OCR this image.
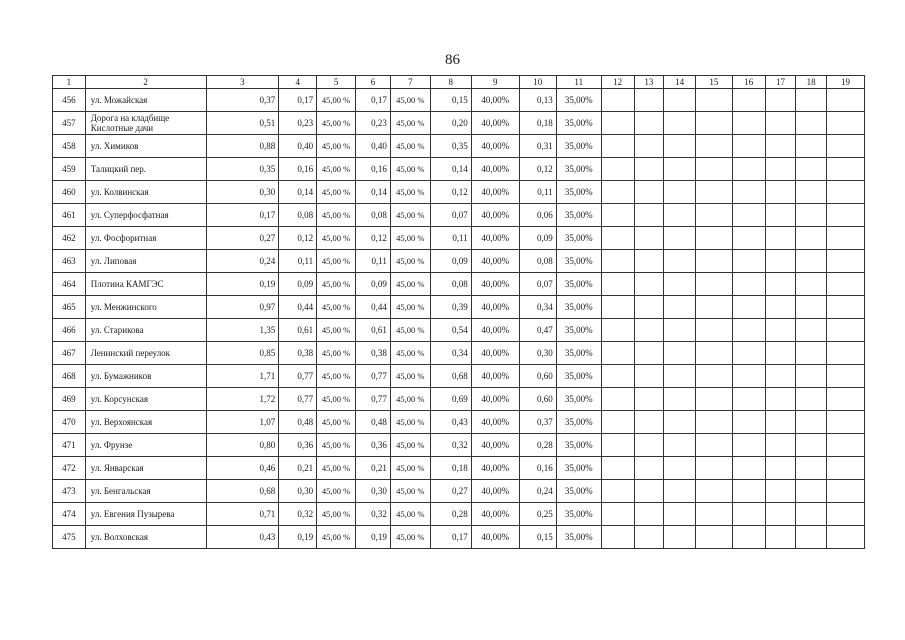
86
1	2	3	4	5	6	7	8	9	10	11	12	13	14	15	16	17	18	19
456	ул. Можайская	0,37	0,17	45,00 %	0,17	45,00 %	0,15	40,00%	0,13	35,00%								
457	Дорога на кладбище Кислотные дачи	0,51	0,23	45,00 %	0,23	45,00 %	0,20	40,00%	0,18	35,00%								
458	ул. Химиков	0,88	0,40	45,00 %	0,40	45,00 %	0,35	40,00%	0,31	35,00%								
459	Талицкий пер.	0,35	0,16	45,00 %	0,16	45,00 %	0,14	40,00%	0,12	35,00%								
460	ул. Колвинская	0,30	0,14	45,00 %	0,14	45,00 %	0,12	40,00%	0,11	35,00%								
461	ул. Суперфосфатная	0,17	0,08	45,00 %	0,08	45,00 %	0,07	40,00%	0,06	35,00%								
462	ул. Фосфоритная	0,27	0,12	45,00 %	0,12	45,00 %	0,11	40,00%	0,09	35,00%								
463	ул. Липовая	0,24	0,11	45,00 %	0,11	45,00 %	0,09	40,00%	0,08	35,00%								
464	Плотина КАМГЭС	0,19	0,09	45,00 %	0,09	45,00 %	0,08	40,00%	0,07	35,00%								
465	ул. Менжинского	0,97	0,44	45,00 %	0,44	45,00 %	0,39	40,00%	0,34	35,00%								
466	ул. Старикова	1,35	0,61	45,00 %	0,61	45,00 %	0,54	40,00%	0,47	35,00%								
467	Ленинский переулок	0,85	0,38	45,00 %	0,38	45,00 %	0,34	40,00%	0,30	35,00%								
468	ул. Бумажников	1,71	0,77	45,00 %	0,77	45,00 %	0,68	40,00%	0,60	35,00%								
469	ул. Корсунская	1,72	0,77	45,00 %	0,77	45,00 %	0,69	40,00%	0,60	35,00%								
470	ул. Верхоянская	1,07	0,48	45,00 %	0,48	45,00 %	0,43	40,00%	0,37	35,00%								
471	ул. Фрунзе	0,80	0,36	45,00 %	0,36	45,00 %	0,32	40,00%	0,28	35,00%								
472	ул. Январская	0,46	0,21	45,00 %	0,21	45,00 %	0,18	40,00%	0,16	35,00%								
473	ул. Бенгальская	0,68	0,30	45,00 %	0,30	45,00 %	0,27	40,00%	0,24	35,00%								
474	ул. Евгения Пузырева	0,71	0,32	45,00 %	0,32	45,00 %	0,28	40,00%	0,25	35,00%								
475	ул. Волховская	0,43	0,19	45,00 %	0,19	45,00 %	0,17	40,00%	0,15	35,00%								
